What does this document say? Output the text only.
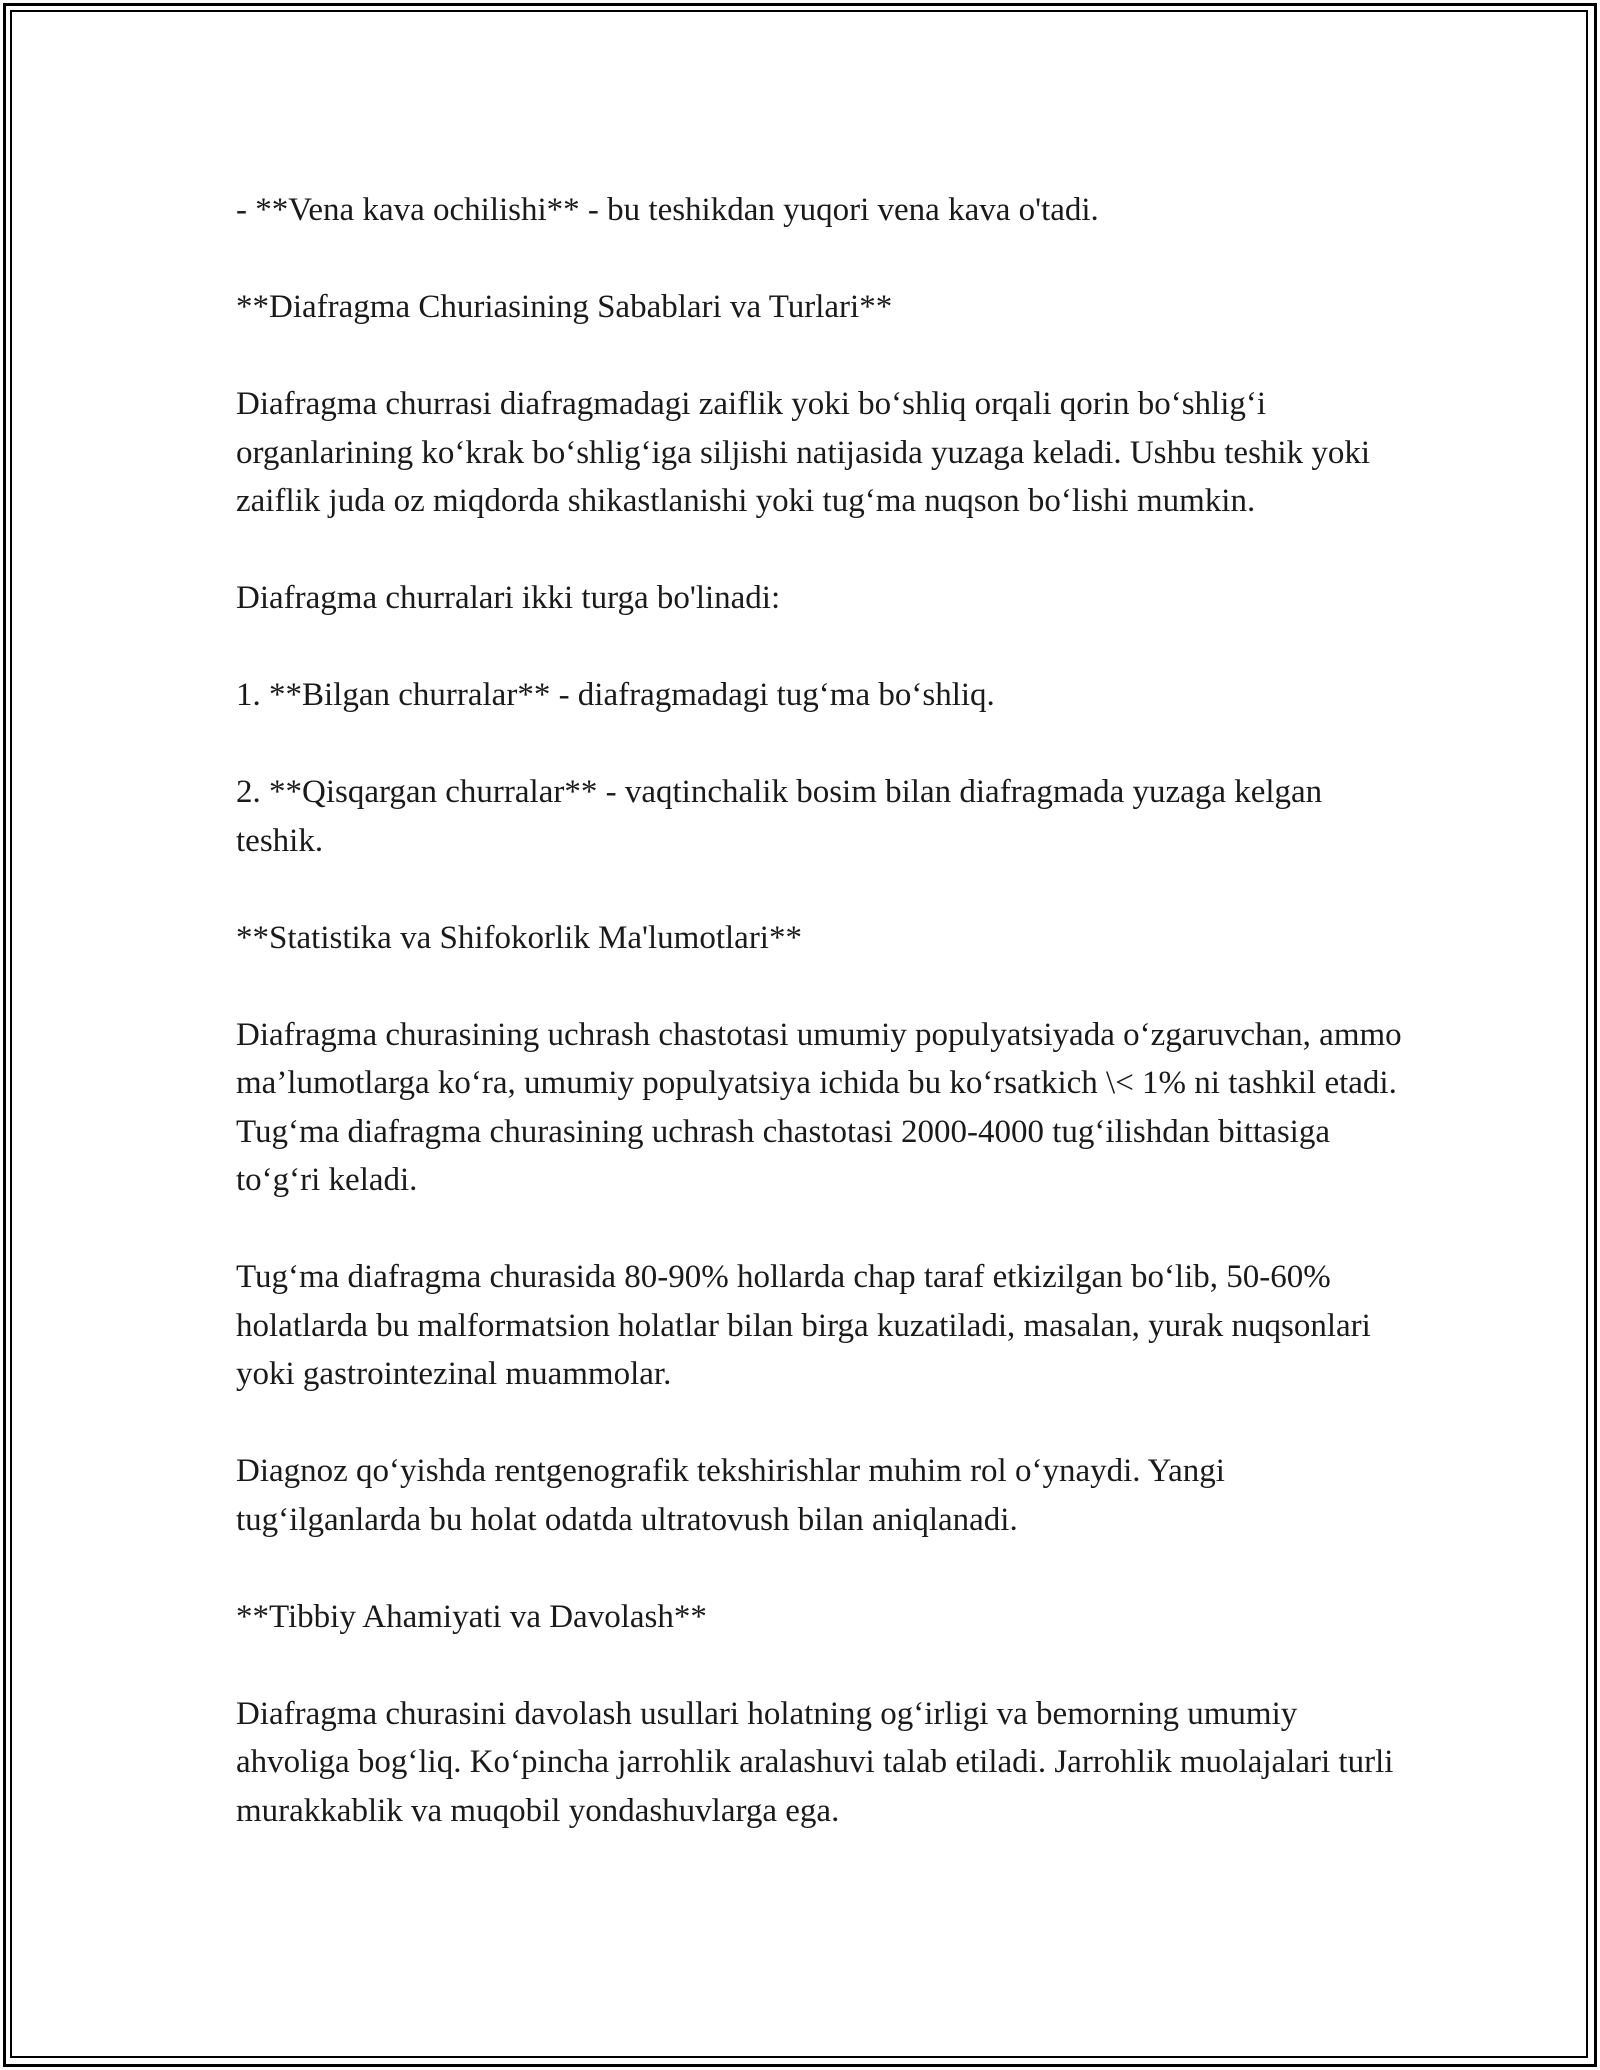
- **Vena kava ochilishi** - bu teshikdan yuqori vena kava o'tadi.

**Diafragma Churiasining Sabablari va Turlari**

Diafragma churrasi diafragmadagi zaiflik yoki bo‘shliq orqali qorin bo‘shlig‘i organlarining ko‘krak bo‘shlig‘iga siljishi natijasida yuzaga keladi. Ushbu teshik yoki zaiflik juda oz miqdorda shikastlanishi yoki tug‘ma nuqson bo‘lishi mumkin.

Diafragma churralari ikki turga bo'linadi:

1. **Bilgan churralar** - diafragmadagi tug‘ma bo‘shliq.

2. **Qisqargan churralar** - vaqtinchalik bosim bilan diafragmada yuzaga kelgan teshik.

**Statistika va Shifokorlik Ma'lumotlari**

Diafragma churasining uchrash chastotasi umumiy populyatsiyada o‘zgaruvchan, ammo ma’lumotlarga ko‘ra, umumiy populyatsiya ichida bu ko‘rsatkich \< 1% ni tashkil etadi. Tug‘ma diafragma churasining uchrash chastotasi 2000-4000 tug‘ilishdan bittasiga to‘g‘ri keladi.

Tug‘ma diafragma churasida 80-90% hollarda chap taraf etkizilgan bo‘lib, 50-60% holatlarda bu malformatsion holatlar bilan birga kuzatiladi, masalan, yurak nuqsonlari yoki gastrointezinal muammolar.

Diagnoz qo‘yishda rentgenografik tekshirishlar muhim rol o‘ynaydi. Yangi tug‘ilganlarda bu holat odatda ultratovush bilan aniqlanadi.

**Tibbiy Ahamiyati va Davolash**

Diafragma churasini davolash usullari holatning og‘irligi va bemorning umumiy ahvoliga bog‘liq. Ko‘pincha jarrohlik aralashuvi talab etiladi. Jarrohlik muolajalari turli murakkablik va muqobil yondashuvlarga ega.
